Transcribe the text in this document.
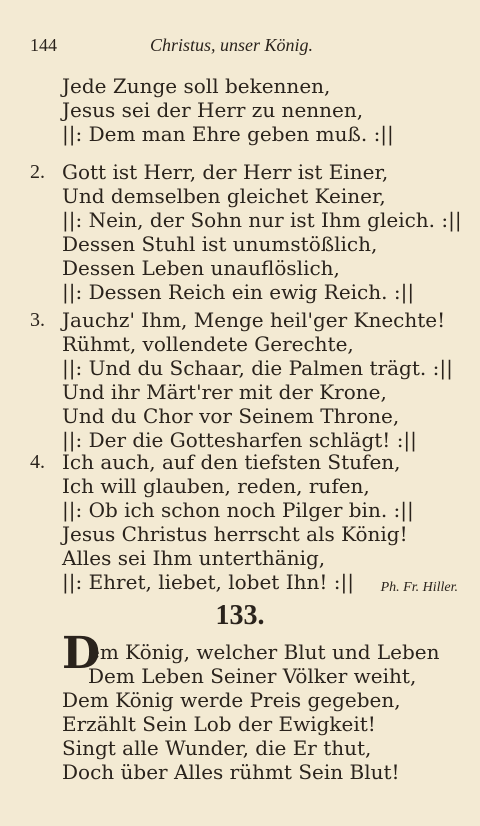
144	Christus, unser König.
Jede Zunge soll bekennen,
Jesus sei der Herr zu nennen,
||: Dem man Ehre geben muß. :||
2. Gott ist Herr, der Herr ist Einer,
Und demselben gleichet Keiner,
||: Nein, der Sohn nur ist Ihm gleich. :||
Dessen Stuhl ist unumstößlich,
Dessen Leben unauflöslich,
||: Dessen Reich ein ewig Reich. :||
3. Jauchz' Ihm, Menge heil'ger Knechte!
Rühmt, vollendete Gerechte,
||: Und du Schaar, die Palmen trägt. :||
Und ihr Märt'rer mit der Krone,
Und du Chor vor Seinem Throne,
||: Der die Gottesharfen schlägt! :||
4. Ich auch, auf den tiefsten Stufen,
Ich will glauben, reden, rufen,
||: Ob ich schon noch Pilger bin. :||
Jesus Christus herrscht als König!
Alles sei Ihm unterthänig,
||: Ehret, liebet, lobet Ihn! :|| Ph. Fr. Hiller.
133.
D
em König, welcher Blut und Leben
Dem Leben Seiner Völker weiht,
Dem König werde Preis gegeben,
Erzählt Sein Lob der Ewigkeit!
Singt alle Wunder, die Er thut,
Doch über Alles rühmt Sein Blut!
